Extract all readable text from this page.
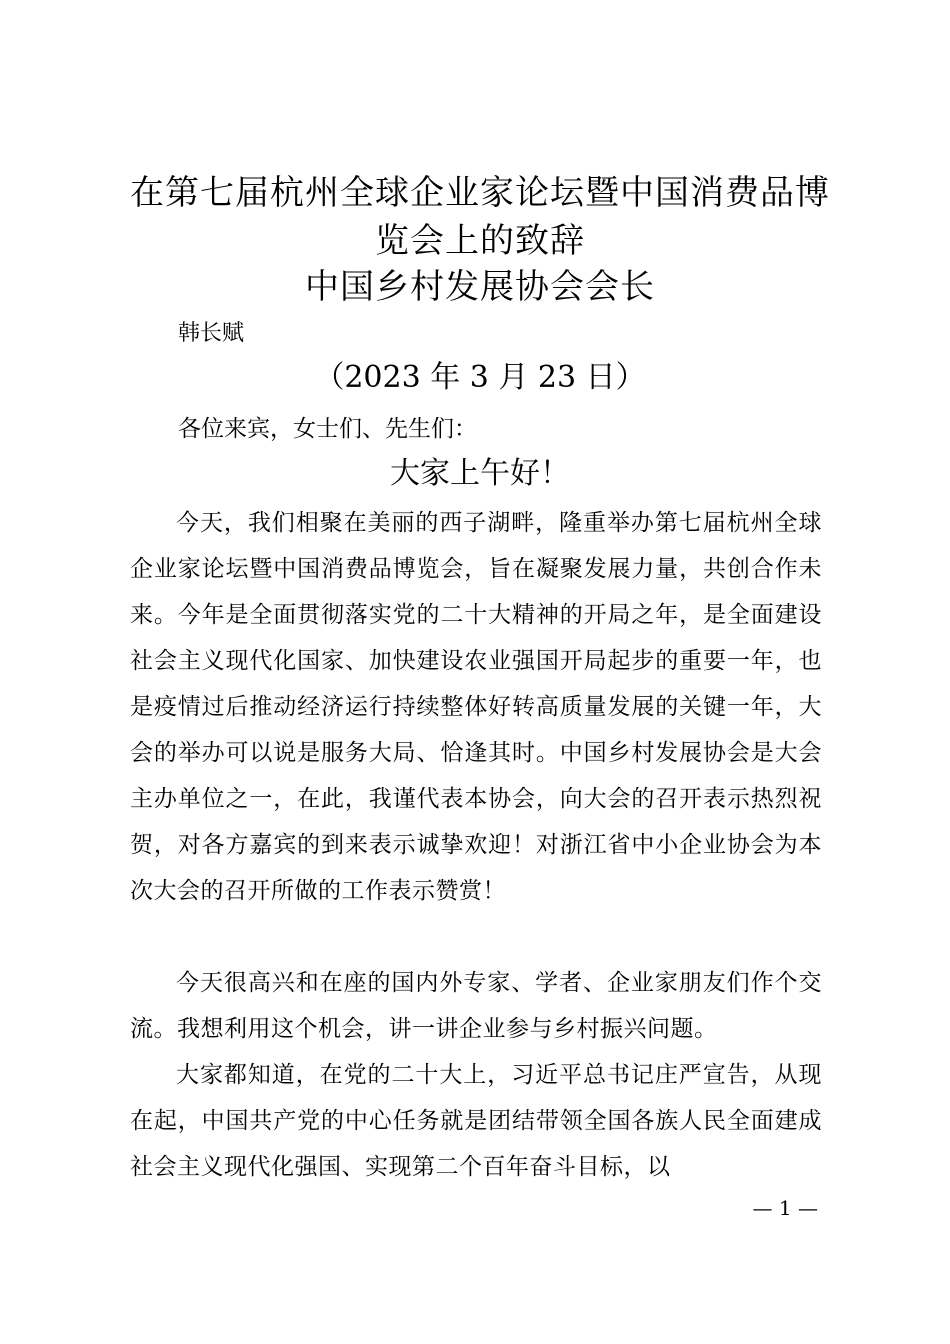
在第七届杭州全球企业家论坛暨中国消费品博
览会上的致辞
中国乡村发展协会会长
韩长赋
（2023 年 3 月 23 日）
各位来宾，女士们、先生们：
大家上午好！

今天，我们相聚在美丽的西子湖畔，隆重举办第七届杭州全球企业家论坛暨中国消费品博览会，旨在凝聚发展力量，共创合作未来。今年是全面贯彻落实党的二十大精神的开局之年，是全面建设社会主义现代化国家、加快建设农业强国开局起步的重要一年，也是疫情过后推动经济运行持续整体好转高质量发展的关键一年，大会的举办可以说是服务大局、恰逢其时。中国乡村发展协会是大会主办单位之一，在此，我谨代表本协会，向大会的召开表示热烈祝贺，对各方嘉宾的到来表示诚挚欢迎！对浙江省中小企业协会为本次大会的召开所做的工作表示赞赏！

今天很高兴和在座的国内外专家、学者、企业家朋友们作个交流。我想利用这个机会，讲一讲企业参与乡村振兴问题。

大家都知道，在党的二十大上，习近平总书记庄严宣告，从现在起，中国共产党的中心任务就是团结带领全国各族人民全面建成社会主义现代化强国、实现第二个百年奋斗目标，以

— 1 —
